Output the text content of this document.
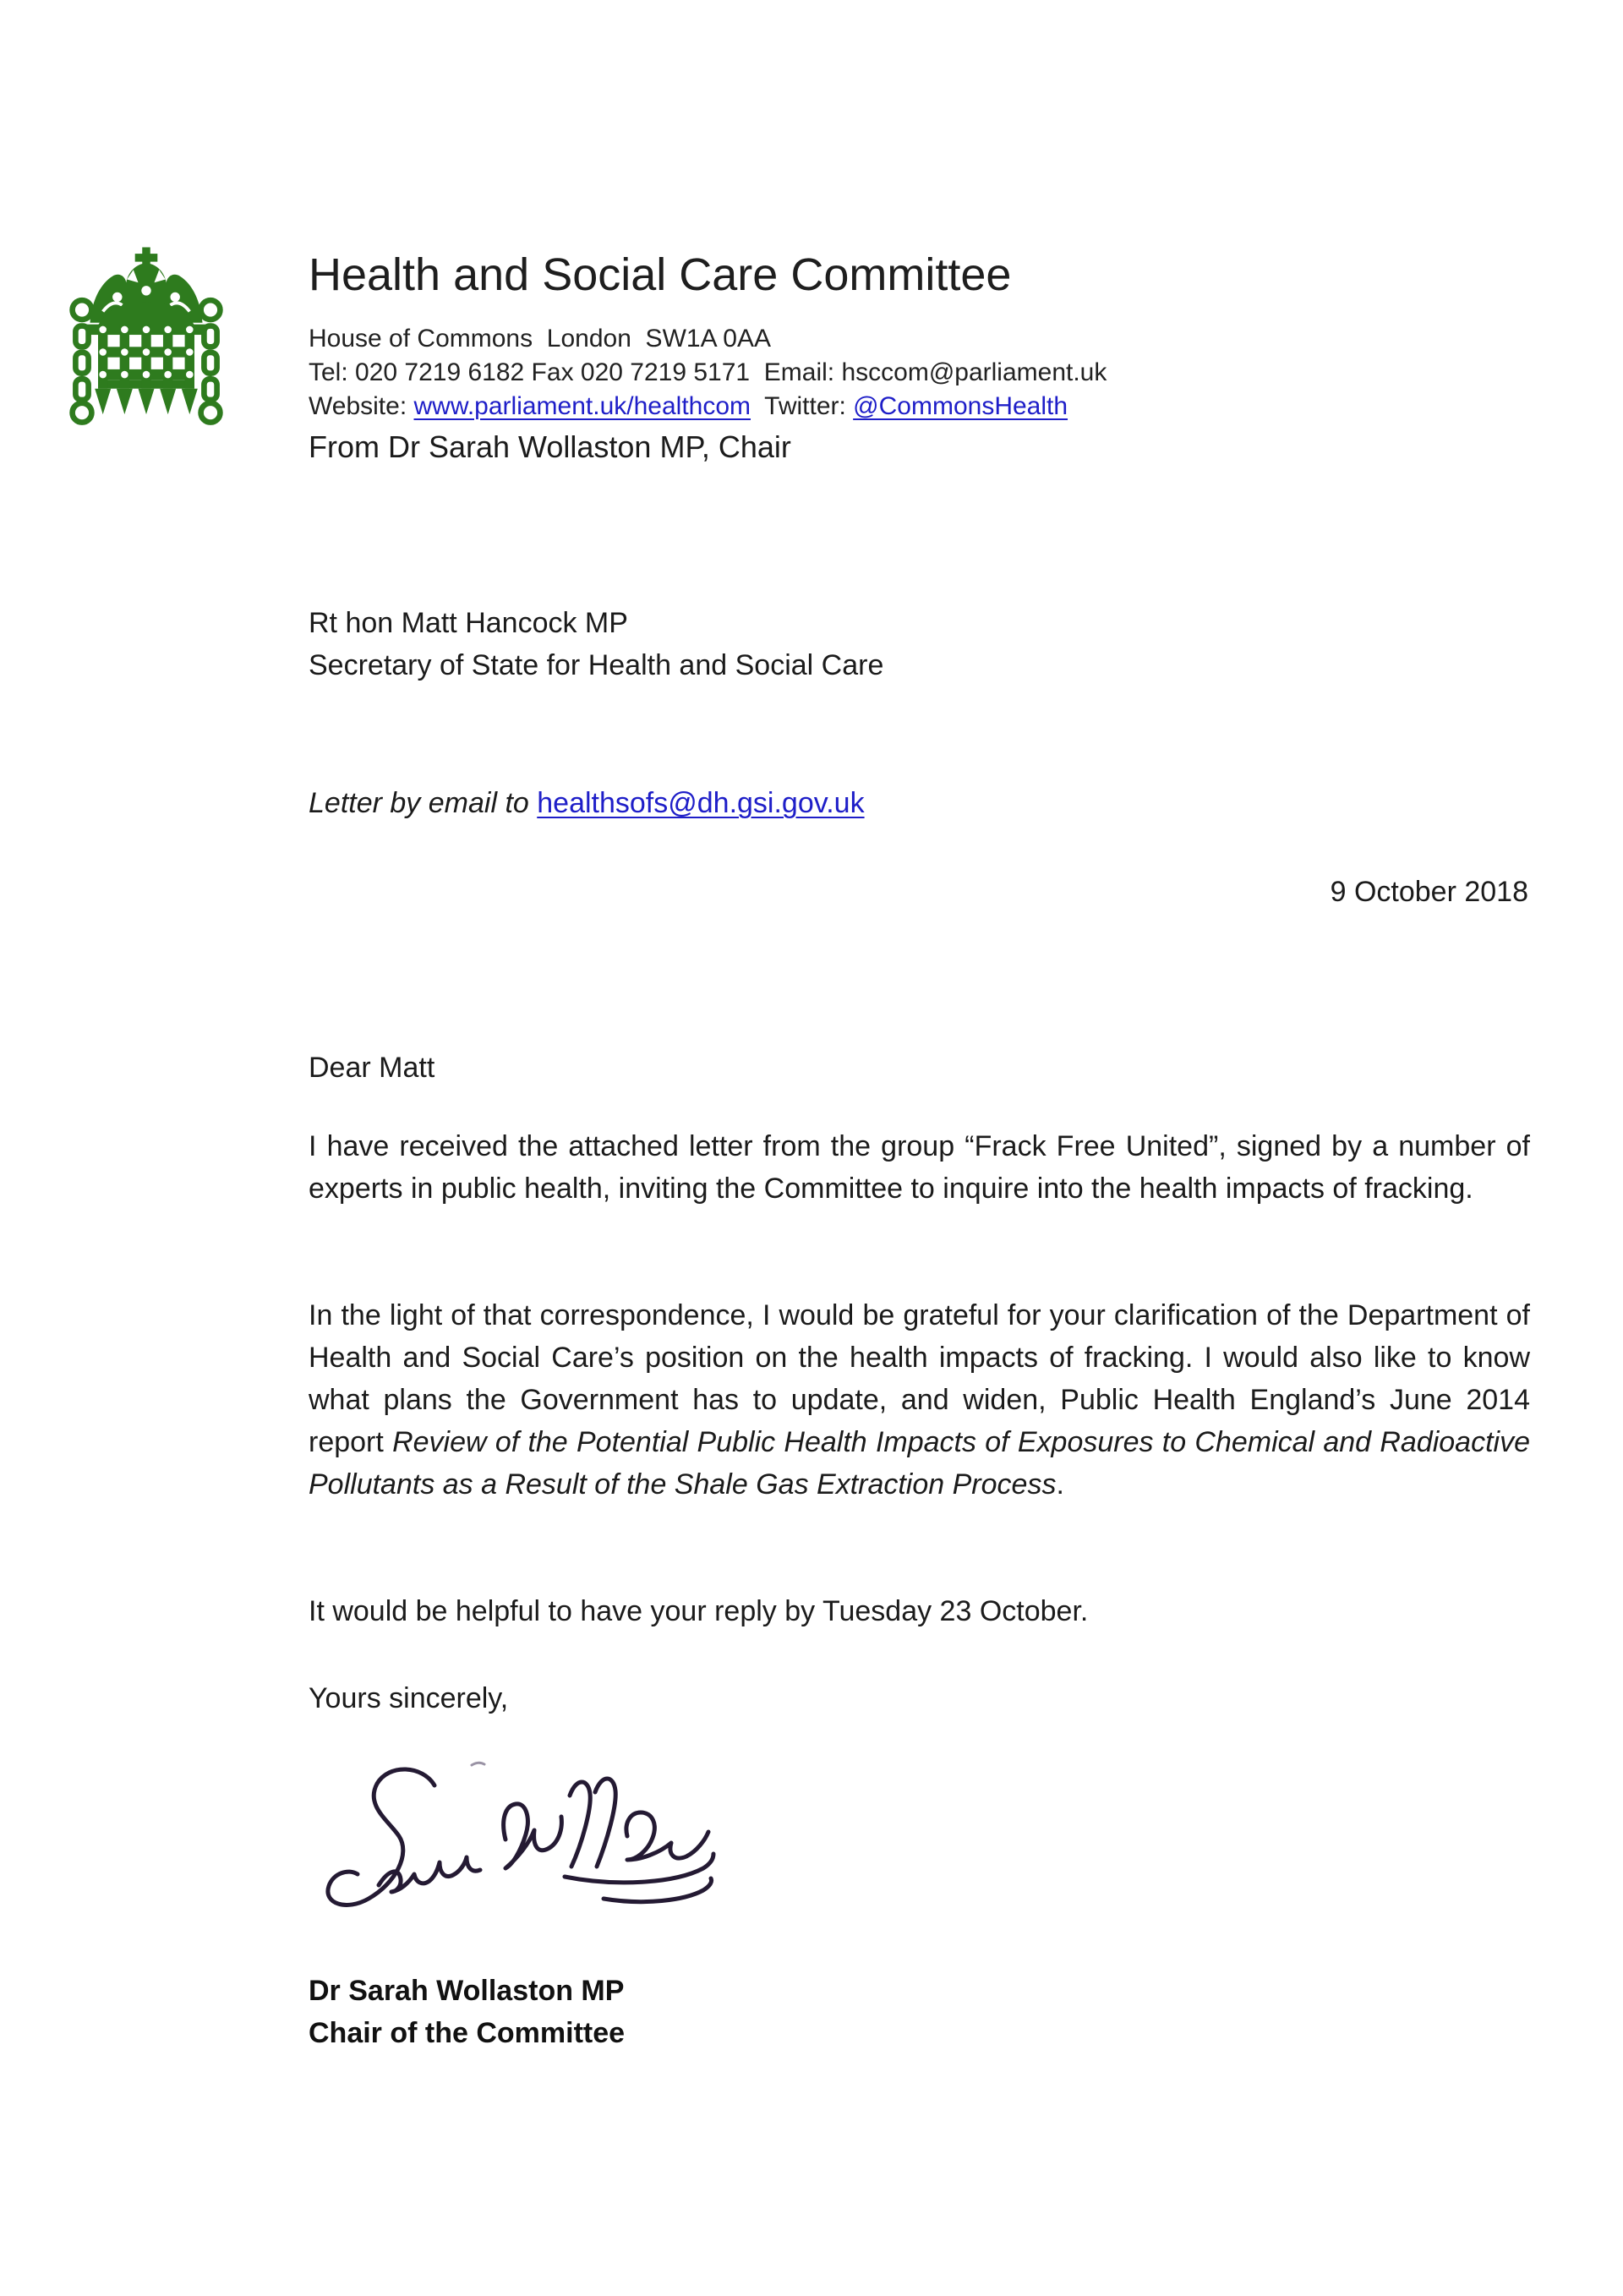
Health and Social Care Committee
House of Commons  London  SW1A 0AA
Tel: 020 7219 6182 Fax 020 7219 5171  Email: hsccom@parliament.uk
Website: www.parliament.uk/healthcom  Twitter: @CommonsHealth
From Dr Sarah Wollaston MP, Chair
Rt hon Matt Hancock MP
Secretary of State for Health and Social Care
Letter by email to healthsofs@dh.gsi.gov.uk
9 October 2018
Dear Matt

I have received the attached letter from the group “Frack Free United”, signed by a number of experts in public health, inviting the Committee to inquire into the health impacts of fracking.

In the light of that correspondence, I would be grateful for your clarification of the Department of Health and Social Care’s position on the health impacts of fracking. I would also like to know what plans the Government has to update, and widen, Public Health England’s June 2014 report Review of the Potential Public Health Impacts of Exposures to Chemical and Radioactive Pollutants as a Result of the Shale Gas Extraction Process.

It would be helpful to have your reply by Tuesday 23 October.

Yours sincerely,
Dr Sarah Wollaston MP
Chair of the Committee
